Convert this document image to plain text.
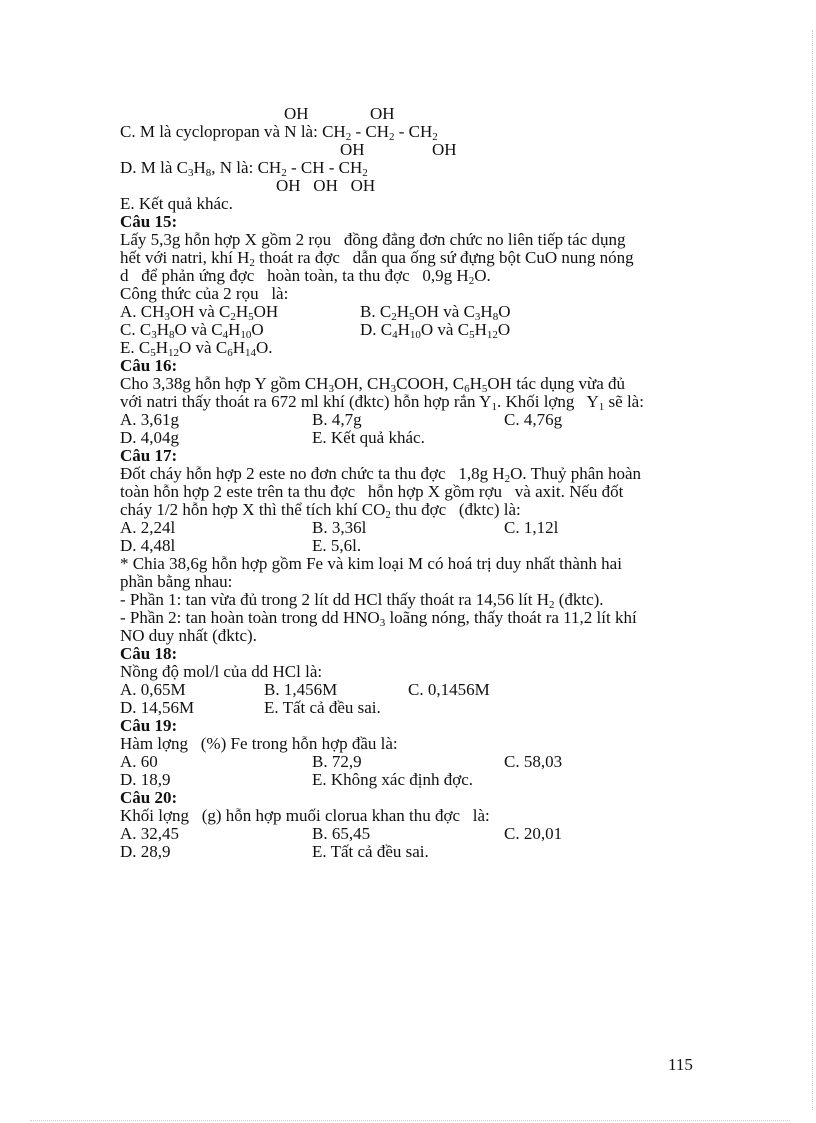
OH	OH
C. M là cyclopropan và N là: $CH_2 - CH_2 - CH_2$
OH	OH
D. M là $C_3H_8$, N là: $CH_2$ - CH - $CH_2$
OH   OH   OH
E. Kết quả khác.
Câu 15:
Lấy 5,3g hỗn hợp X gồm 2 rọu   đồng đẳng đơn chức no liên tiếp tác dụng
hết với natri, khí $H_2$ thoát ra đợc   dẫn qua ống sứ đựng bột CuO nung nóng
d   để phản ứng đợc   hoàn toàn, ta thu đợc   0,9g $H_2O$.
Công thức của 2 rọu   là:
A. $CH_3OH$ và $C_2H_5OH$	B. $C_2H_5OH$ và $C_3H_8O$
C. $C_3H_8O$ và $C_4H_{10}O$	D. $C_4H_{10}O$ và $C_5H_{12}O$
E. $C_5H_{12}O$ và $C_6H_{14}O$.
Câu 16:
Cho 3,38g hỗn hợp Y gồm $CH_3OH$, $CH_3COOH$, $C_6H_5OH$ tác dụng vừa đủ
với natri thấy thoát ra 672 ml khí (đktc) hỗn hợp rắn $Y_1$. Khối lợng   $Y_1$ sẽ là:
A. 3,61g	B. 4,7g	C. 4,76g
D. 4,04g	E. Kết quả khác.
Câu 17:
Đốt cháy hỗn hợp 2 este no đơn chức ta thu đợc   1,8g $H_2O$. Thuỷ phân hoàn
toàn hỗn hợp 2 este trên ta thu đợc   hỗn hợp X gồm rợu   và axit. Nếu đốt
cháy 1/2 hỗn hợp X thì thể tích khí $CO_2$ thu đợc   (đktc) là:
A. 2,24l	B. 3,36l	C. 1,12l
D. 4,48l	E. 5,6l.
* Chia 38,6g hỗn hợp gồm Fe và kim loại M có hoá trị duy nhất thành hai
phần bằng nhau:
- Phần 1: tan vừa đủ trong 2 lít dd HCl thấy thoát ra 14,56 lít $H_2$ (đktc).
- Phần 2: tan hoàn toàn trong dd $HNO_3$ loãng nóng, thấy thoát ra 11,2 lít khí
NO duy nhất (đktc).
Câu 18:
Nồng độ mol/l của dd HCl là:
A. 0,65M	B. 1,456M	C. 0,1456M
D. 14,56M	E. Tất cả đều sai.
Câu 19:
Hàm lợng   (%) Fe trong hỗn hợp đầu là:
A. 60	B. 72,9	C. 58,03
D. 18,9	E. Không xác định đợc.
Câu 20:
Khối lợng   (g) hỗn hợp muối clorua khan thu đợc   là:
A. 32,45	B. 65,45	C. 20,01
D. 28,9	E. Tất cả đều sai.
115
